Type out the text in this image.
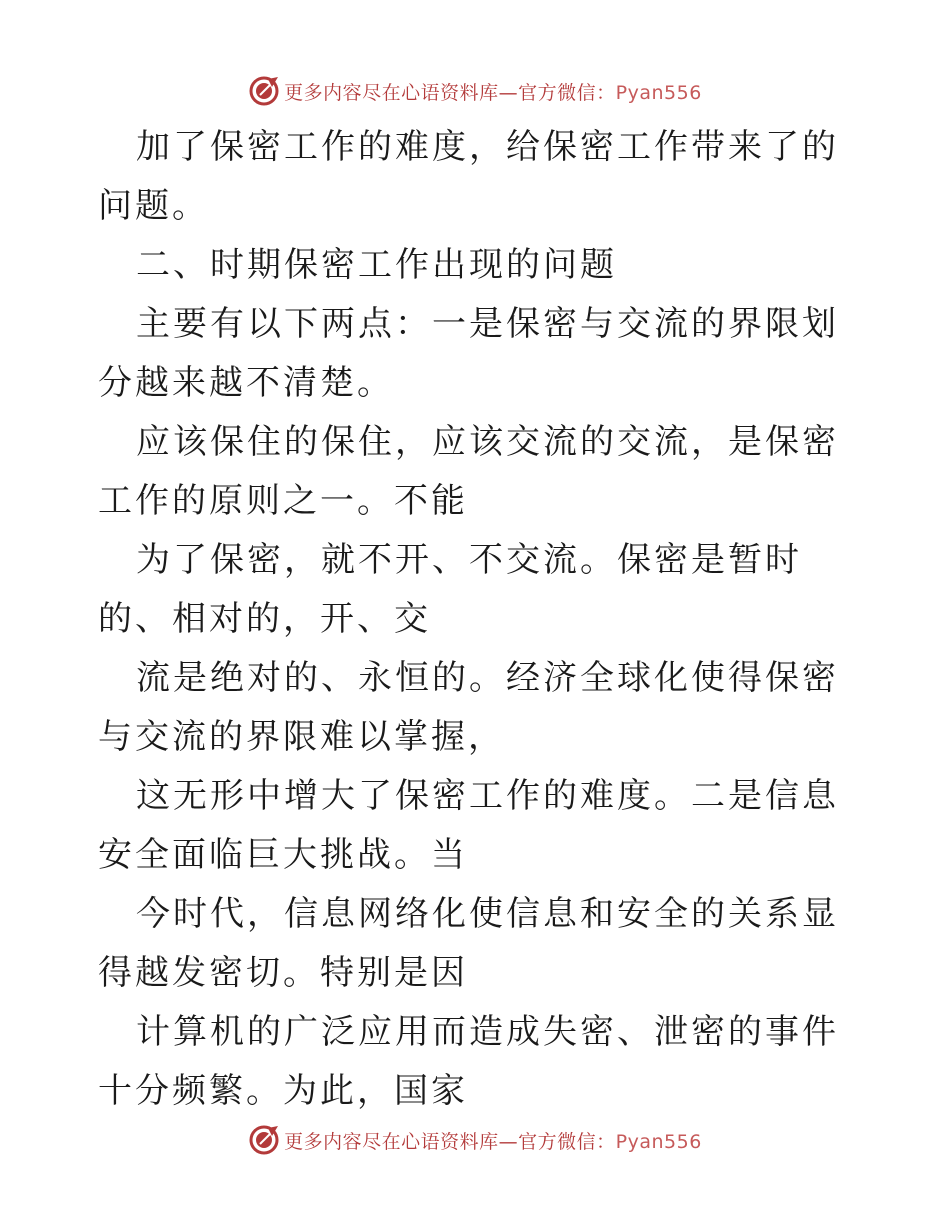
更多内容尽在心语资料库—官方微信：Pyan556

加了保密工作的难度，给保密工作带来了的问题。

二、时期保密工作出现的问题

主要有以下两点：一是保密与交流的界限划分越来越不清楚。

应该保住的保住，应该交流的交流，是保密工作的原则之一。不能

为了保密，就不开、不交流。保密是暂时的、相对的，开、交

流是绝对的、永恒的。经济全球化使得保密与交流的界限难以掌握，

这无形中增大了保密工作的难度。二是信息安全面临巨大挑战。当

今时代，信息网络化使信息和安全的关系显得越发密切。特别是因

计算机的广泛应用而造成失密、泄密的事件十分频繁。为此，国家

更多内容尽在心语资料库—官方微信：Pyan556
